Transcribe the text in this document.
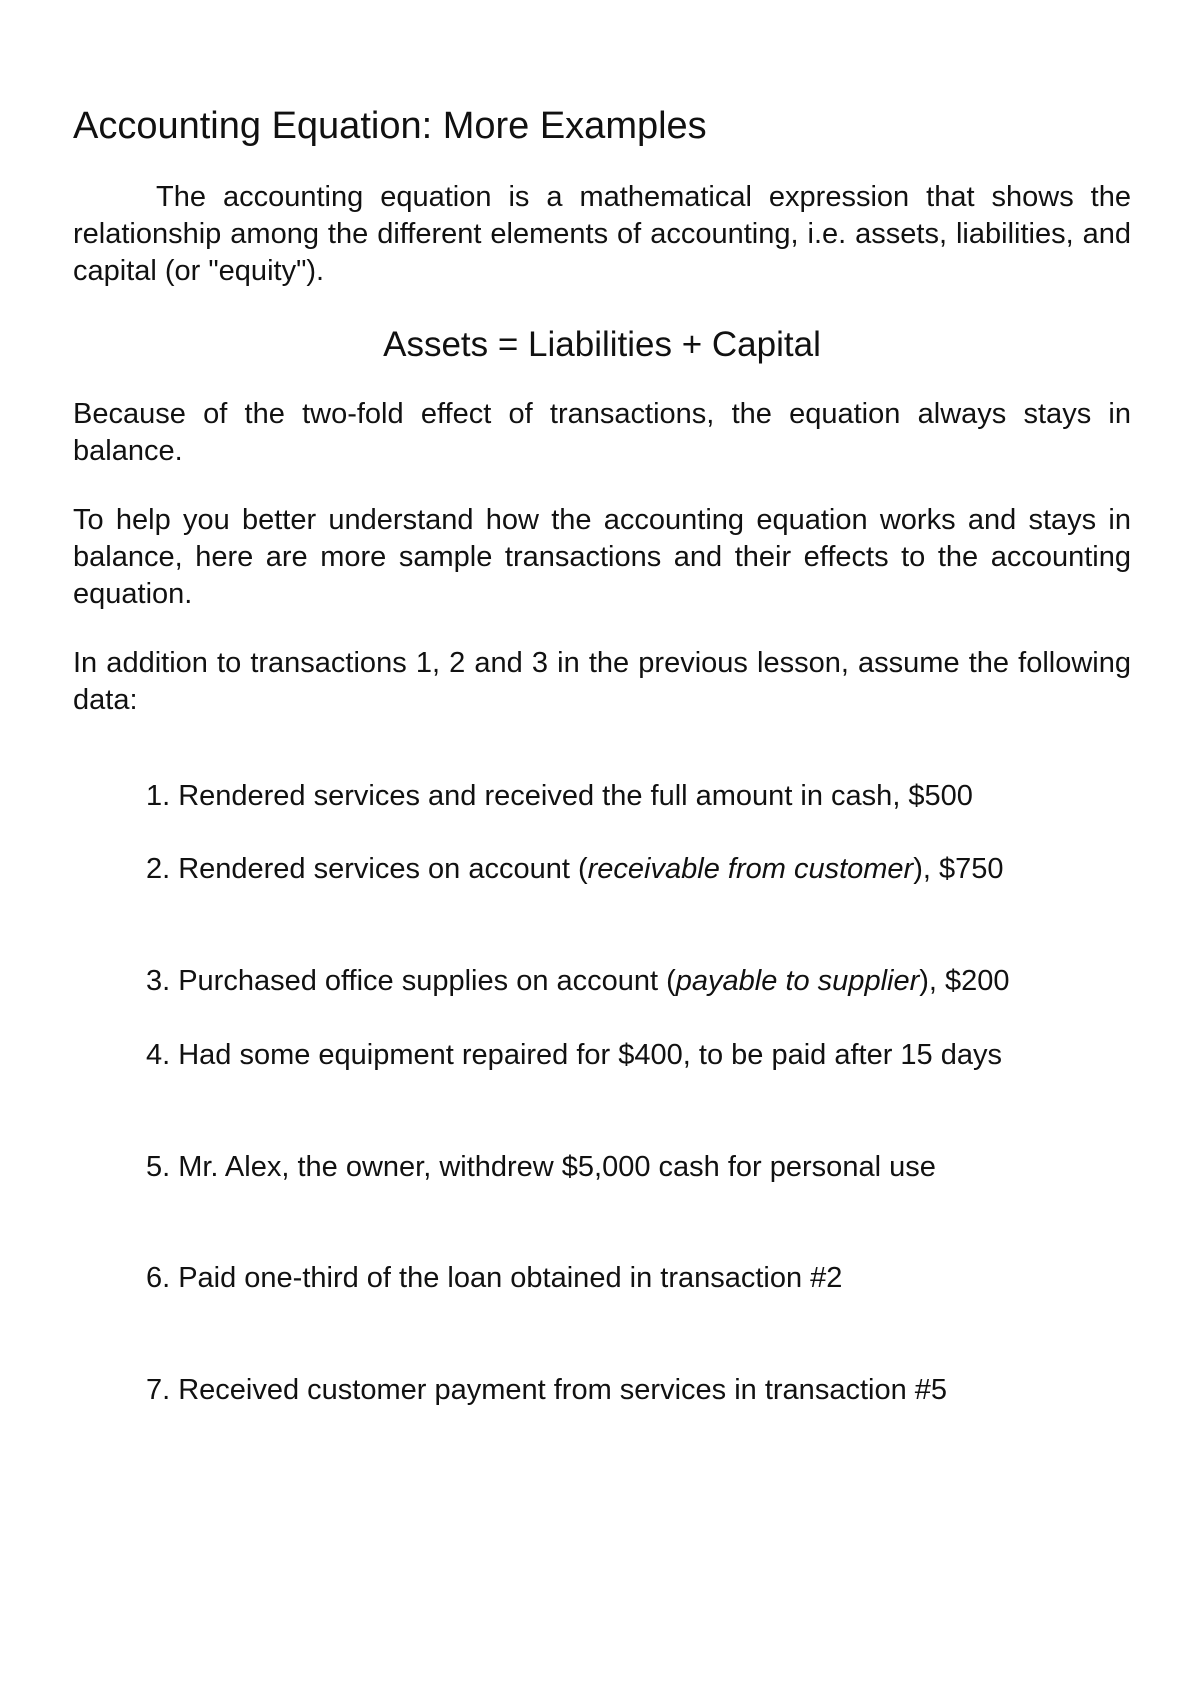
Accounting Equation: More Examples

The accounting equation is a mathematical expression that shows the relationship among the different elements of accounting, i.e. assets, liabilities, and capital (or "equity").

Assets = Liabilities + Capital

Because of the two-fold effect of transactions, the equation always stays in balance.

To help you better understand how the accounting equation works and stays in balance, here are more sample transactions and their effects to the accounting equation.

In addition to transactions 1, 2 and 3 in the previous lesson, assume the following data:

1. Rendered services and received the full amount in cash, $500
2. Rendered services on account (receivable from customer), $750
3. Purchased office supplies on account (payable to supplier), $200
4. Had some equipment repaired for $400, to be paid after 15 days
5. Mr. Alex, the owner, withdrew $5,000 cash for personal use
6. Paid one-third of the loan obtained in transaction #2
7. Received customer payment from services in transaction #5
